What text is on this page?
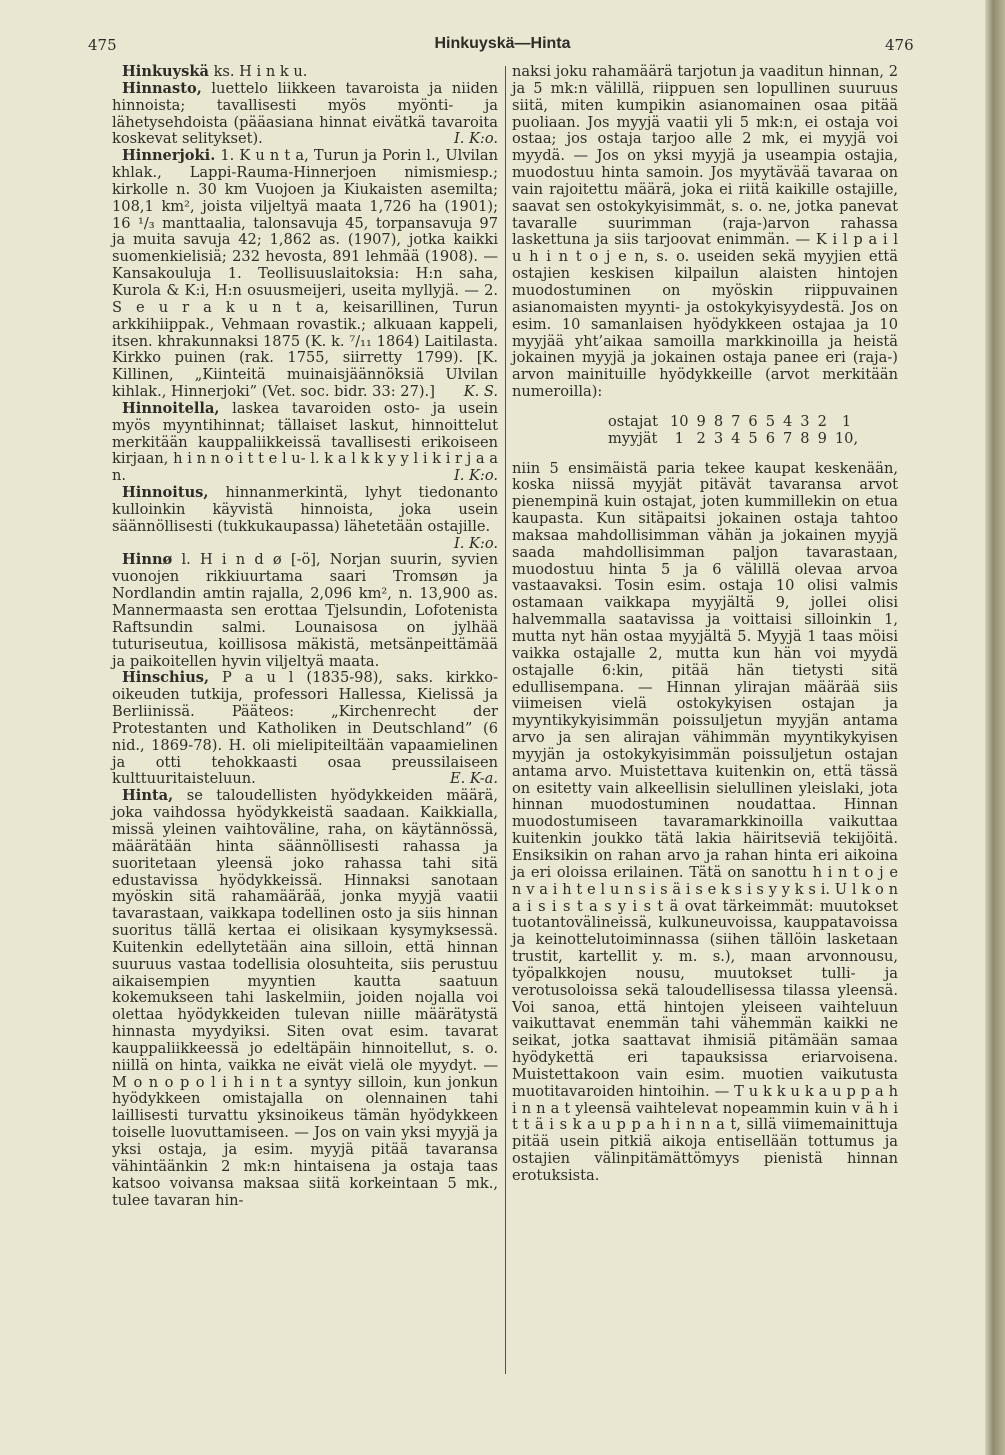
475	Hinkuyskä—Hinta	476

Hinkuyskä ks. H i n k u.

Hinnasto, luettelo liikkeen tavaroista ja niiden hinnoista; tavallisesti myös myönti- ja lähetysehdoista (pääasiana hinnat eivätkä tavaroita koskevat selitykset).	I. K:o.

Hinnerjoki. 1. K u n t a, Turun ja Porin l., Ulvilan khlak., Lappi-Rauma-Hinnerjoen nimismiesp.; kirkolle n. 30 km Vuojoen ja Kiukaisten asemilta; 108,1 km², joista viljeltyä maata 1,726 ha (1901); 16 ¹/₃ manttaalia, talonsavuja 45, torpansavuja 97 ja muita savuja 42; 1,862 as. (1907), jotka kaikki suomenkielisiä; 232 hevosta, 891 lehmää (1908). — Kansakouluja 1. Teollisuuslaitoksia: H:n saha, Kurola & K:i, H:n osuusmeijeri, useita myllyjä. — 2. S e u r a k u n t a, keisarillinen, Turun arkkihiippak., Vehmaan rovastik.; alkuaan kappeli, itsen. khrakunnaksi 1875 (K. k. ⁷/₁₁ 1864) Laitilasta. Kirkko puinen (rak. 1755, siirretty 1799). [K. Killinen, „Kiinteitä muinaisjäännöksiä Ulvilan kihlak., Hinnerjoki” (Vet. soc. bidr. 33: 27).]	K. S.

Hinnoitella, laskea tavaroiden osto- ja usein myös myyntihinnat; tällaiset laskut, hinnoittelut merkitään kauppaliikkeissä tavallisesti erikoiseen kirjaan, h i n n o i t t e l u- l. k a l k k y y l i k i r j a a n.	I. K:o.

Hinnoitus, hinnanmerkintä, lyhyt tiedonanto kulloinkin käyvistä hinnoista, joka usein säännöllisesti (tukkukaupassa) lähetetään ostajille.
I. K:o.

Hinnø l. H i n d ø [-ö], Norjan suurin, syvien vuonojen rikkiuurtama saari Tromsøn ja Nordlandin amtin rajalla, 2,096 km², n. 13,900 as. Mannermaasta sen erottaa Tjelsundin, Lofotenista Raftsundin salmi. Lounaisosa on jylhää tuturiseutua, koillisosa mäkistä, metsänpeittämää ja paikoitellen hyvin viljeltyä maata.

Hinschius, P a u l (1835-98), saks. kirkko-oikeuden tutkija, professori Hallessa, Kielissä ja Berliinissä. Pääteos: „Kirchenrecht der Protestanten und Katholiken in Deutschland” (6 nid., 1869-78). H. oli mielipiteiltään vapaamielinen ja otti tehokkaasti osaa preussilaiseen kulttuuritaisteluun.	E. K-a.

Hinta, se taloudellisten hyödykkeiden määrä, joka vaihdossa hyödykkeistä saadaan. Kaikkialla, missä yleinen vaihtoväline, raha, on käytännössä, määrätään hinta säännöllisesti rahassa ja suoritetaan yleensä joko rahassa tahi sitä edustavissa hyödykkeissä. Hinnaksi sanotaan myöskin sitä rahamäärää, jonka myyjä vaatii tavarastaan, vaikkapa todellinen osto ja siis hinnan suoritus tällä kertaa ei olisikaan kysymyksessä. Kuitenkin edellytetään aina silloin, että hinnan suuruus vastaa todellisia olosuhteita, siis perustuu aikaisempien myyntien kautta saatuun kokemukseen tahi laskelmiin, joiden nojalla voi olettaa hyödykkeiden tulevan niille määrätystä hinnasta myydyiksi. Siten ovat esim. tavarat kauppaliikkeessä jo edeltäpäin hinnoitellut, s. o. niillä on hinta, vaikka ne eivät vielä ole myydyt. — M o n o p o l i h i n t a syntyy silloin, kun jonkun hyödykkeen omistajalla on olennainen tahi laillisesti turvattu yksinoikeus tämän hyödykkeen toiselle luovuttamiseen. — Jos on vain yksi myyjä ja yksi ostaja, ja esim. myyjä pitää tavaransa vähintäänkin 2 mk:n hintaisena ja ostaja taas katsoo voivansa maksaa siitä korkeintaan 5 mk., tulee tavaran hin-

naksi joku rahamäärä tarjotun ja vaaditun hinnan, 2 ja 5 mk:n välillä, riippuen sen lopullinen suuruus siitä, miten kumpikin asianomainen osaa pitää puoliaan. Jos myyjä vaatii yli 5 mk:n, ei ostaja voi ostaa; jos ostaja tarjoo alle 2 mk, ei myyjä voi myydä. — Jos on yksi myyjä ja useampia ostajia, muodostuu hinta samoin. Jos myytävää tavaraa on vain rajoitettu määrä, joka ei riitä kaikille ostajille, saavat sen ostokykyisimmät, s. o. ne, jotka panevat tavaralle suurimman (raja-)arvon rahassa laskettuna ja siis tarjoovat enimmän. — K i l p a i l u h i n t o j e n, s. o. useiden sekä myyjien että ostajien keskisen kilpailun alaisten hintojen muodostuminen on myöskin riippuvainen asianomaisten myynti- ja ostokykyisyydestä. Jos on esim. 10 samanlaisen hyödykkeen ostajaa ja 10 myyjää yht’aikaa samoilla markkinoilla ja heistä jokainen myyjä ja jokainen ostaja panee eri (raja-) arvon mainituille hyödykkeille (arvot merkitään numeroilla):

ostajat	10	9	8	7	6	5	4	3	2	1
myyjät	1	2	3	4	5	6	7	8	9	10,

niin 5 ensimäistä paria tekee kaupat keskenään, koska niissä myyjät pitävät tavaransa arvot pienempinä kuin ostajat, joten kummillekin on etua kaupasta. Kun sitäpaitsi jokainen ostaja tahtoo maksaa mahdollisimman vähän ja jokainen myyjä saada mahdollisimman paljon tavarastaan, muodostuu hinta 5 ja 6 välillä olevaa arvoa vastaavaksi. Tosin esim. ostaja 10 olisi valmis ostamaan vaikkapa myyjältä 9, jollei olisi halvemmalla saatavissa ja voittaisi silloinkin 1, mutta nyt hän ostaa myyjältä 5. Myyjä 1 taas möisi vaikka ostajalle 2, mutta kun hän voi myydä ostajalle 6:kin, pitää hän tietysti sitä edullisempana. — Hinnan ylirajan määrää siis viimeisen vielä ostokykyisen ostajan ja myyntikykyisimmän poissuljetun myyjän antama arvo ja sen alirajan vähimmän myyntikykyisen myyjän ja ostokykyisimmän poissuljetun ostajan antama arvo. Muistettava kuitenkin on, että tässä on esitetty vain alkeellisin sielullinen yleislaki, jota hinnan muodostuminen noudattaa. Hinnan muodostumiseen tavaramarkkinoilla vaikuttaa kuitenkin joukko tätä lakia häiritseviä tekijöitä. Ensiksikin on rahan arvo ja rahan hinta eri aikoina ja eri oloissa erilainen. Tätä on sanottu h i n t o j e n v a i h t e l u n s i s ä i s e k s i s y y k s i. U l k o n a i s i s t a s y i s t ä ovat tärkeimmät: muutokset tuotantovälineissä, kulkuneuvoissa, kauppatavoissa ja keinottelutoiminnassa (siihen tällöin lasketaan trustit, kartellit y. m. s.), maan arvonnousu, työpalkkojen nousu, muutokset tulli- ja verotusoloissa sekä taloudellisessa tilassa yleensä. Voi sanoa, että hintojen yleiseen vaihteluun vaikuttavat enemmän tahi vähemmän kaikki ne seikat, jotka saattavat ihmisiä pitämään samaa hyödykettä eri tapauksissa eriarvoisena. Muistettakoon vain esim. muotien vaikutusta muotitavaroiden hintoihin. — T u k k u k a u p p a h i n n a t yleensä vaihtelevat nopeammin kuin v ä h i t t ä i s k a u p p a h i n n a t, sillä viimemainittuja pitää usein pitkiä aikoja entisellään tottumus ja ostajien välinpitämättömyys pienistä hinnan erotuksista.
